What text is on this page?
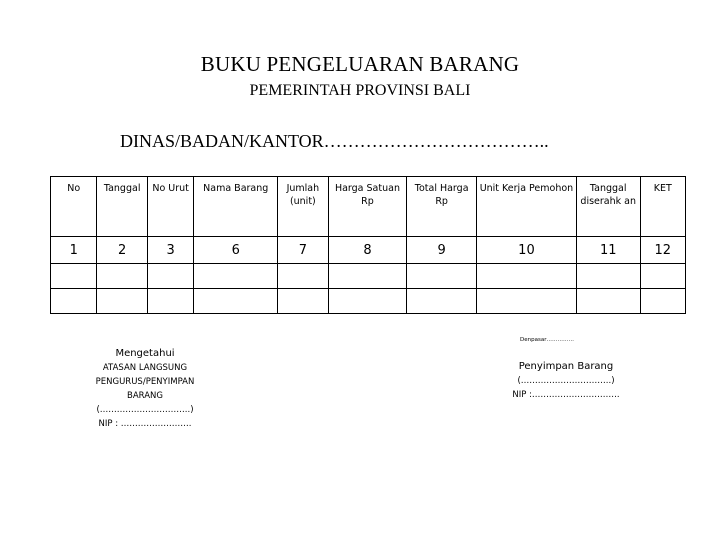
BUKU PENGELUARAN BARANG
PEMERINTAH PROVINSI BALI
DINAS/BADAN/KANTOR………………………………..
No	Tanggal	No Urut	Nama Barang	Jumlah (unit)	Harga Satuan Rp	Total Harga Rp	Unit Kerja Pemohon	Tanggal diserahk an	KET
1	2	3	6	7	8	9	10	11	12

Denpasar……………
Mengetahui
ATASAN LANGSUNG
PENGURUS/PENYIMPAN
BARANG
(…………………………..)
NIP : …………………….
Penyimpan Barang
(…………………………..)
NIP :………………………….
